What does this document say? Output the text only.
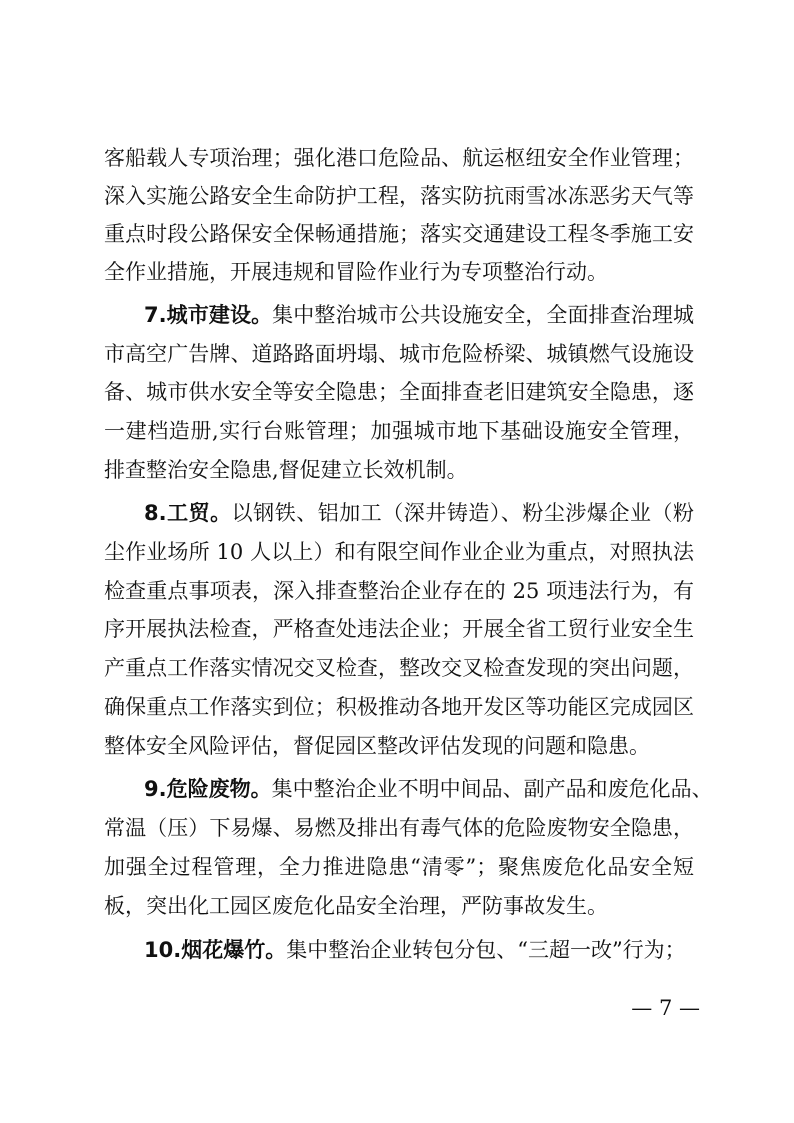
客船载人专项治理；强化港口危险品、航运枢纽安全作业管理；
深入实施公路安全生命防护工程，落实防抗雨雪冰冻恶劣天气等
重点时段公路保安全保畅通措施；落实交通建设工程冬季施工安
全作业措施，开展违规和冒险作业行为专项整治行动。
7.城市建设。集中整治城市公共设施安全，全面排查治理城
市高空广告牌、道路路面坍塌、城市危险桥梁、城镇燃气设施设
备、城市供水安全等安全隐患；全面排查老旧建筑安全隐患，逐
一建档造册,实行台账管理；加强城市地下基础设施安全管理，
排查整治安全隐患,督促建立长效机制。
8.工贸。以钢铁、铝加工（深井铸造）、粉尘涉爆企业（粉
尘作业场所 10 人以上）和有限空间作业企业为重点，对照执法
检查重点事项表，深入排查整治企业存在的 25 项违法行为，有
序开展执法检查，严格查处违法企业；开展全省工贸行业安全生
产重点工作落实情况交叉检查，整改交叉检查发现的突出问题，
确保重点工作落实到位；积极推动各地开发区等功能区完成园区
整体安全风险评估，督促园区整改评估发现的问题和隐患。
9.危险废物。集中整治企业不明中间品、副产品和废危化品、
常温（压）下易爆、易燃及排出有毒气体的危险废物安全隐患，
加强全过程管理，全力推进隐患“清零”；聚焦废危化品安全短
板，突出化工园区废危化品安全治理，严防事故发生。
10.烟花爆竹。集中整治企业转包分包、“三超一改”行为；
— 7 —
